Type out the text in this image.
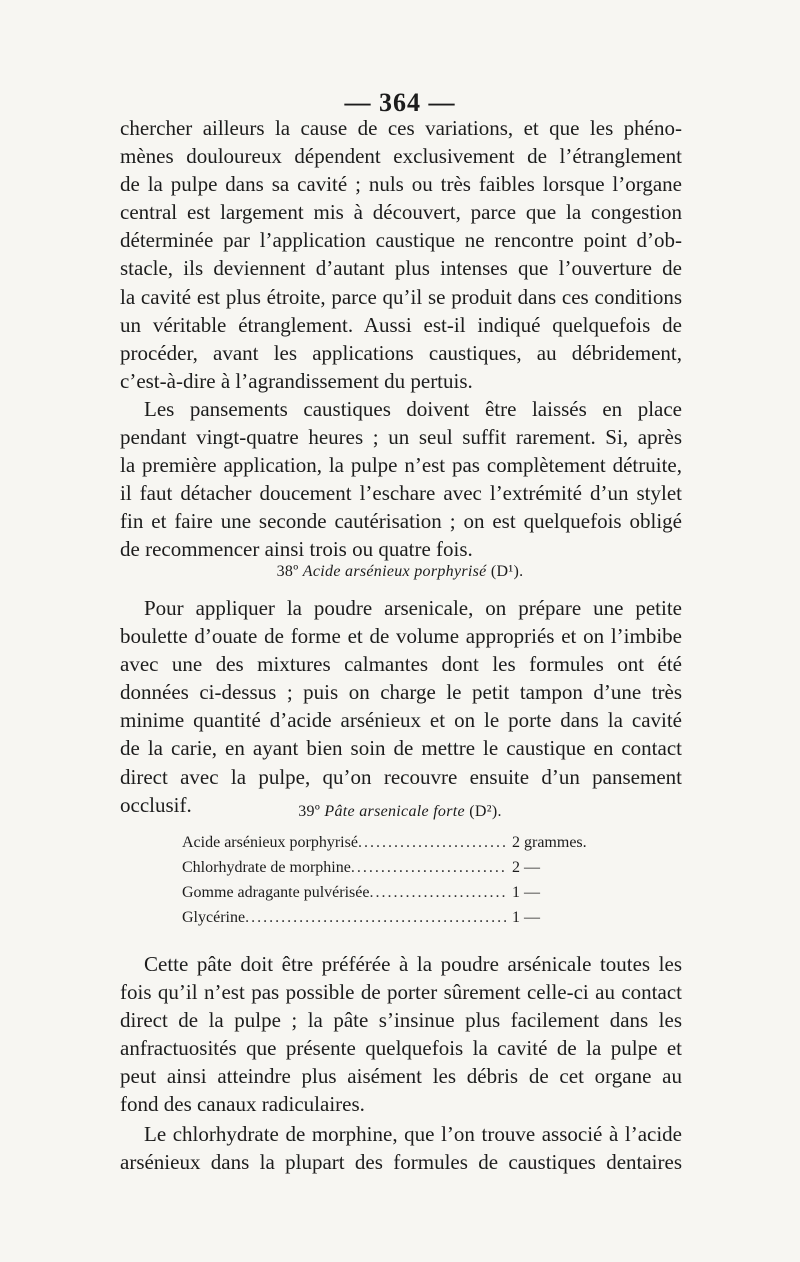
— 364 —
chercher ailleurs la cause de ces variations, et que les phéno-
mènes douloureux dépendent exclusivement de l’étranglement
de la pulpe dans sa cavité ; nuls ou très faibles lorsque l’organe
central est largement mis à découvert, parce que la congestion
déterminée par l’application caustique ne rencontre point d’ob-
stacle, ils deviennent d’autant plus intenses que l’ouverture de
la cavité est plus étroite, parce qu’il se produit dans ces conditions
un véritable étranglement. Aussi est-il indiqué quelquefois de
procéder, avant les applications caustiques, au débridement,
c’est-à-dire à l’agrandissement du pertuis.
Les pansements caustiques doivent être laissés en place
pendant vingt-quatre heures ; un seul suffit rarement. Si, après
la première application, la pulpe n’est pas complètement détruite,
il faut détacher doucement l’eschare avec l’extrémité d’un stylet
fin et faire une seconde cautérisation ; on est quelquefois obligé
de recommencer ainsi trois ou quatre fois.
38º Acide arsénieux porphyrisé (D¹).
Pour appliquer la poudre arsenicale, on prépare une petite
boulette d’ouate de forme et de volume appropriés et on l’imbibe
avec une des mixtures calmantes dont les formules ont été
données ci-dessus ; puis on charge le petit tampon d’une très
minime quantité d’acide arsénieux et on le porte dans la cavité
de la carie, en ayant bien soin de mettre le caustique en contact
direct avec la pulpe, qu’on recouvre ensuite d’un pansement
occlusif.	39º Pâte arsenicale forte (D²).
Acide arsénieux porphyrisé .....	2 grammes.
Chlorhydrate de morphine .....	2 —
Gomme adragante pulvérisée .....	1 —
Glycérine .....	1 —
Cette pâte doit être préférée à la poudre arsénicale toutes les
fois qu’il n’est pas possible de porter sûrement celle-ci au contact
direct de la pulpe ; la pâte s’insinue plus facilement dans les
anfractuosités que présente quelquefois la cavité de la pulpe et
peut ainsi atteindre plus aisément les débris de cet organe au
fond des canaux radiculaires.
Le chlorhydrate de morphine, que l’on trouve associé à l’acide
arsénieux dans la plupart des formules de caustiques dentaires
